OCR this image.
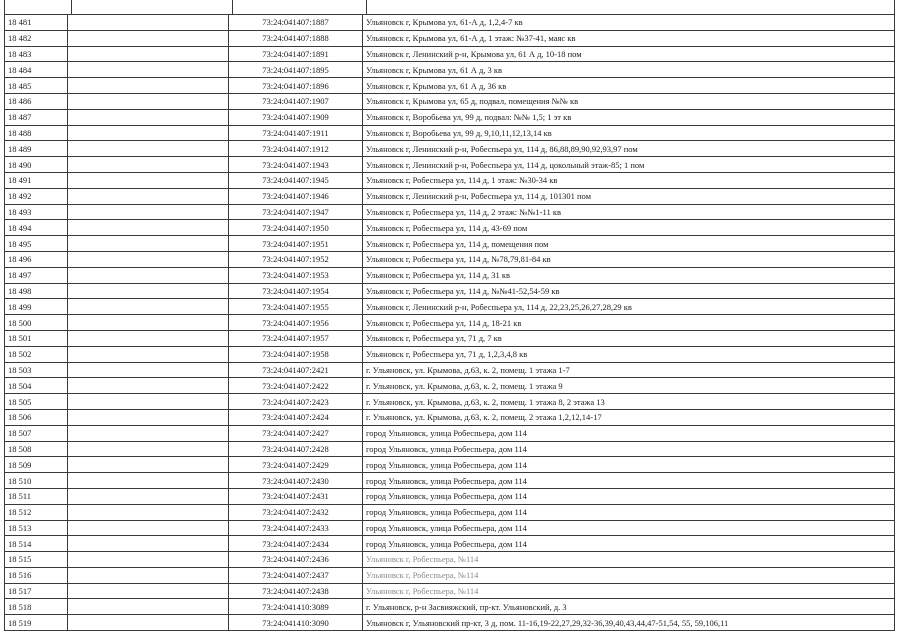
18 481		73:24:041407:1887	Ульяновск г, Крымова ул, 61-А д, 1,2,4-7 кв
18 482		73:24:041407:1888	Ульяновск г, Крымова ул, 61-А д, 1 этаж: №37-41, маяс кв
18 483		73:24:041407:1891	Ульяновск г, Ленинский р-н, Крымова ул, 61 А д, 10-18 пом
18 484		73:24:041407:1895	Ульяновск г, Крымова ул, 61 А д, 3 кв
18 485		73:24:041407:1896	Ульяновск г, Крымова ул, 61 А д, 36 кв
18 486		73:24:041407:1907	Ульяновск г, Крымова ул, 65 д, подвал, помещения №№ кв
18 487		73:24:041407:1909	Ульяновск г, Воробьева ул, 99 д, подвал: №№ 1,5; 1 эт кв
18 488		73:24:041407:1911	Ульяновск г, Воробьева ул, 99 д, 9,10,11,12,13,14 кв
18 489		73:24:041407:1912	Ульяновск г, Ленинский р-н, Робеспьера ул, 114 д, 86,88,89,90,92,93,97 пом
18 490		73:24:041407:1943	Ульяновск г, Ленинский р-н, Робеспьера ул, 114 д, цокольный этаж-85; 1 пом
18 491		73:24:041407:1945	Ульяновск г, Робеспьера ул, 114 д, 1 этаж: №30-34 кв
18 492		73:24:041407:1946	Ульяновск г, Ленинский р-н, Робеспьера ул, 114 д, 101301 пом
18 493		73:24:041407:1947	Ульяновск г, Робеспьера ул, 114 д, 2 этаж: №№1-11 кв
18 494		73:24:041407:1950	Ульяновск г, Робеспьера ул, 114 д, 43-69 пом
18 495		73:24:041407:1951	Ульяновск г, Робеспьера ул, 114 д, помещения пом
18 496		73:24:041407:1952	Ульяновск г, Робеспьера ул, 114 д, №78,79,81-84 кв
18 497		73:24:041407:1953	Ульяновск г, Робеспьера ул, 114 д, 31 кв
18 498		73:24:041407:1954	Ульяновск г, Робеспьера ул, 114 д, №№41-52,54-59 кв
18 499		73:24:041407:1955	Ульяновск г, Ленинский р-н, Робеспьера ул, 114 д, 22,23,25,26,27,28,29 кв
18 500		73:24:041407:1956	Ульяновск г, Робеспьера ул, 114 д, 18-21 кв
18 501		73:24:041407:1957	Ульяновск г, Робеспьера ул, 71 д, 7 кв
18 502		73:24:041407:1958	Ульяновск г, Робеспьера ул, 71 д, 1,2,3,4,8 кв
18 503		73:24:041407:2421	г. Ульяновск, ул. Крымова, д.63, к. 2, помещ. 1 этажа 1-7
18 504		73:24:041407:2422	г. Ульяновск, ул. Крымова, д.63, к. 2, помещ. 1 этажа 9
18 505		73:24:041407:2423	г. Ульяновск, ул. Крымова, д.63, к. 2, помещ. 1 этажа 8, 2 этажа 13
18 506		73:24:041407:2424	г. Ульяновск, ул. Крымова, д.63, к. 2, помещ. 2 этажа 1,2,12,14-17
18 507		73:24:041407:2427	город Ульяновск, улица Робеспьера, дом 114
18 508		73:24:041407:2428	город Ульяновск, улица Робеспьера, дом 114
18 509		73:24:041407:2429	город Ульяновск, улица Робеспьера, дом 114
18 510		73:24:041407:2430	город Ульяновск, улица Робеспьера, дом 114
18 511		73:24:041407:2431	город Ульяновск, улица Робеспьера, дом 114
18 512		73:24:041407:2432	город Ульяновск, улица Робеспьера, дом 114
18 513		73:24:041407:2433	город Ульяновск, улица Робеспьера, дом 114
18 514		73:24:041407:2434	город Ульяновск, улица Робеспьера, дом 114
18 515		73:24:041407:2436	Ульяновск г, Робеспьера, №114
18 516		73:24:041407:2437	Ульяновск г, Робеспьера, №114
18 517		73:24:041407:2438	Ульяновск г, Робеспьера, №114
18 518		73:24:041410:3089	г. Ульяновск, р-н Засвияжский, пр-кт. Ульяновский, д. 3
18 519		73:24:041410:3090	Ульяновск г, Ульяновский пр-кт, 3 д, пом. 11-16,19-22,27,29,32-36,39,40,43,44,47-51,54, 55, 59,106,11
